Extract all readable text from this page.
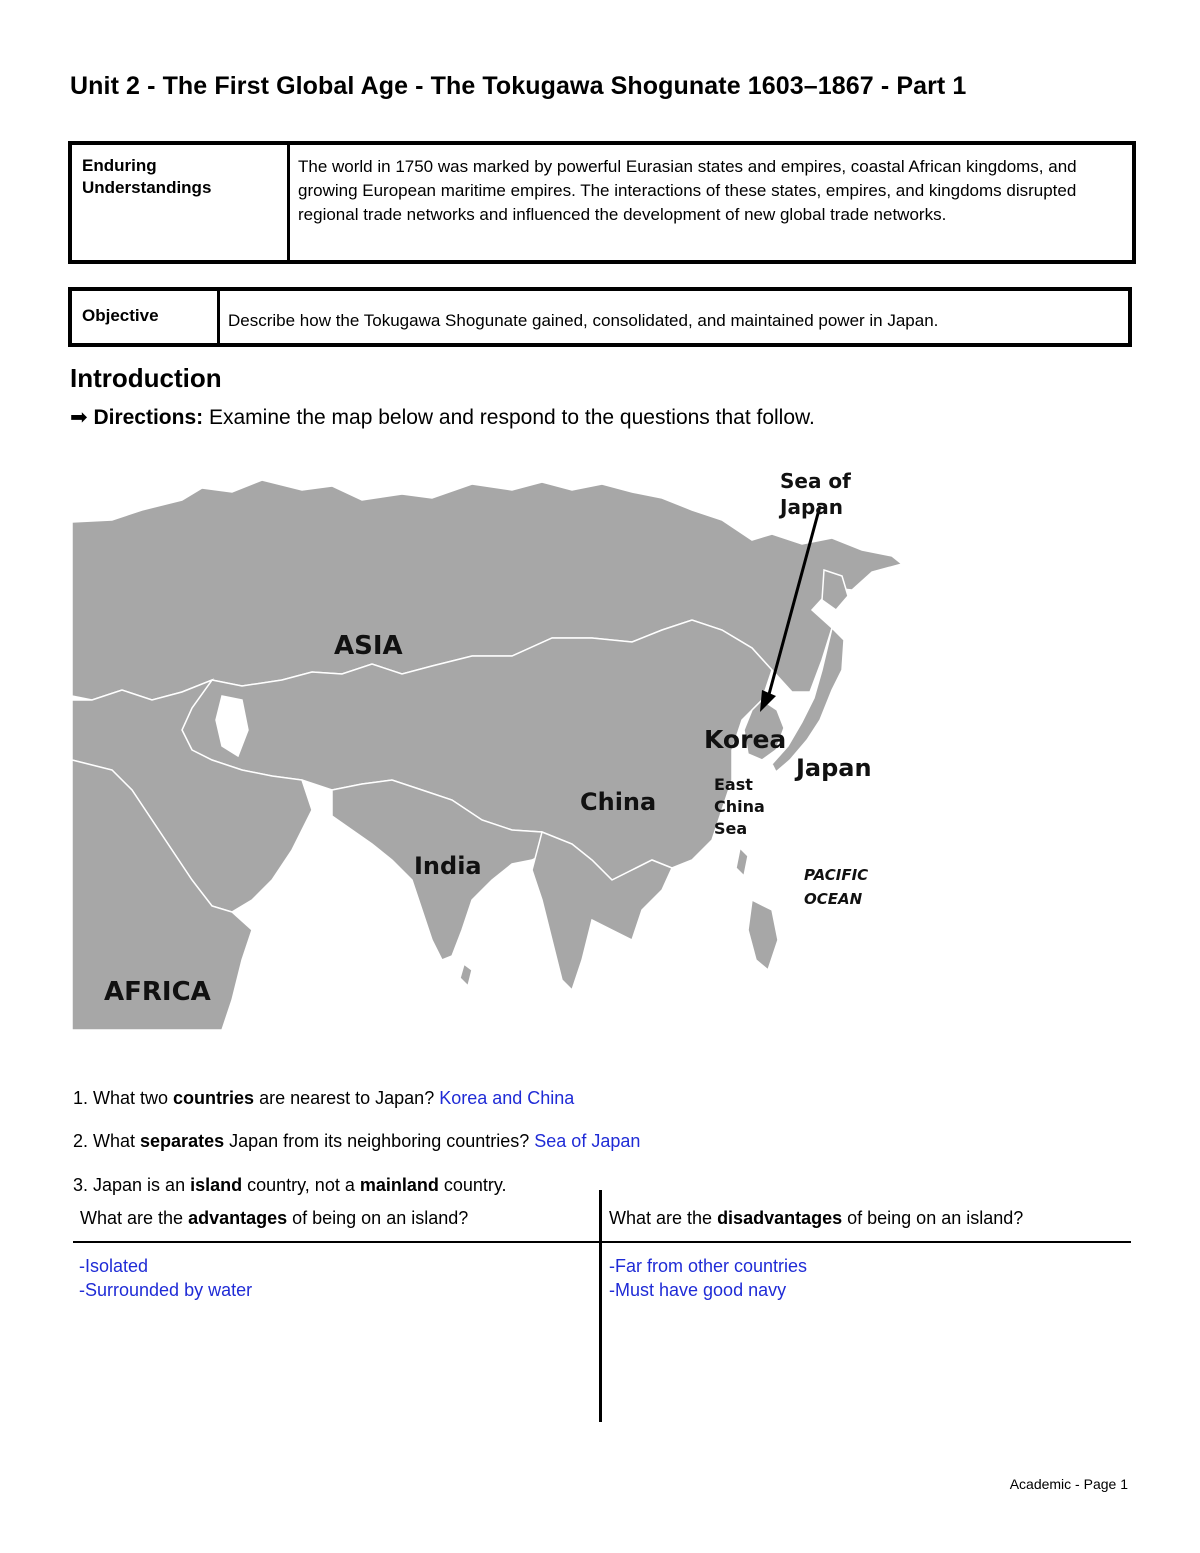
Unit 2 - The First Global Age - The Tokugawa Shogunate 1603–1867 - Part 1
Enduring Understandings
The world in 1750 was marked by powerful Eurasian states and empires, coastal African kingdoms, and growing European maritime empires. The interactions of these states, empires, and kingdoms disrupted regional trade networks and influenced the development of new global trade networks.
Objective	Describe how the Tokugawa Shogunate gained, consolidated, and maintained power in Japan.
Introduction
➡ Directions: Examine the map below and respond to the questions that follow.
ASIA
Korea
Japan
China
India
AFRICA
Sea of
Japan
East
China
Sea
PACIFIC
OCEAN
1. What two countries are nearest to Japan? Korea and China
2. What separates Japan from its neighboring countries? Sea of Japan
3. Japan is an island country, not a mainland country.
What are the advantages of being on an island?	What are the disadvantages of being on an island?
-Isolated
-Surrounded by water
-Far from other countries
-Must have good navy
Academic - Page 1
